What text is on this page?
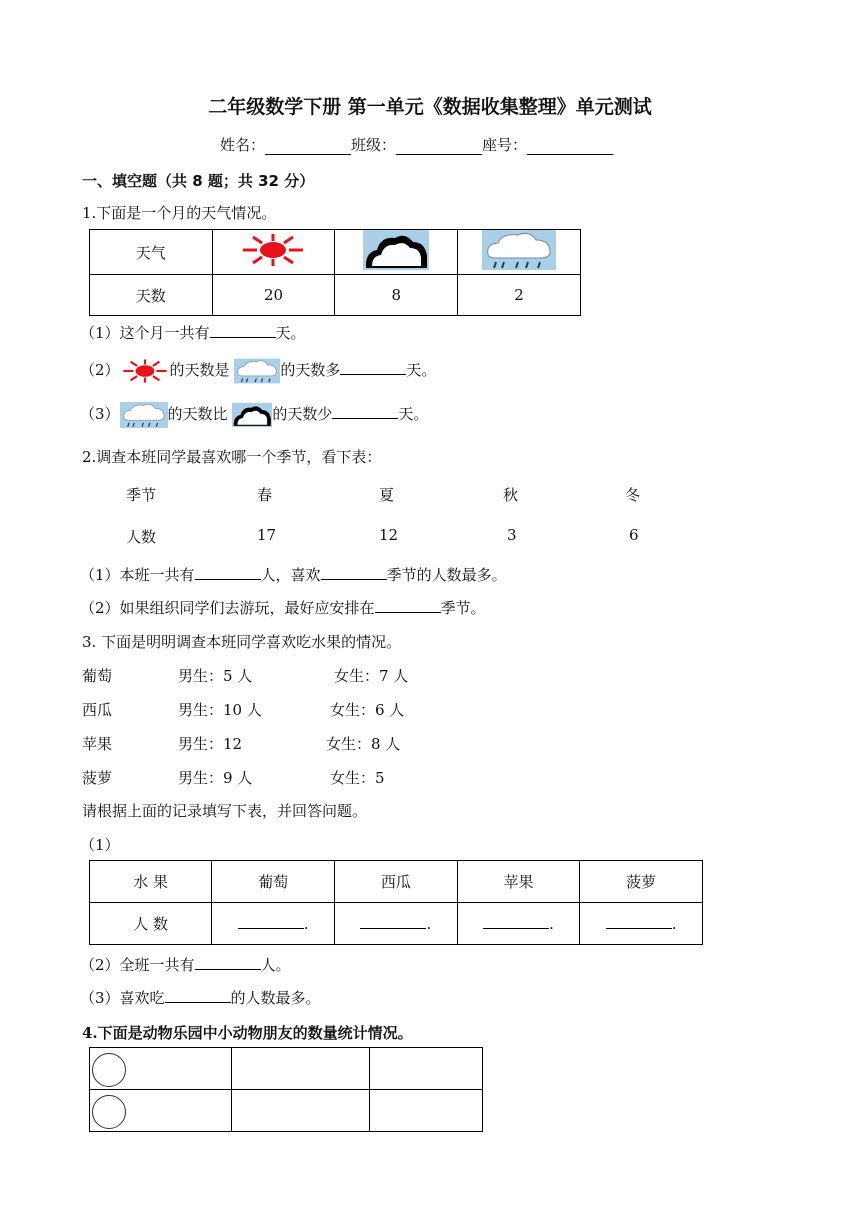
二年级数学下册 第一单元《数据收集整理》单元测试
姓名：	班级：	座号：
一、填空题（共 8 题；共 32 分）
1.下面是一个月的天气情况。
天气			
天数	20	8	2
（1）这个月一共有	天。
（2）	的天数是	的天数多	天。
（3）	的天数比	的天数少	天。
2.调查本班同学最喜欢哪一个季节，看下表：
季节	春	夏	秋	冬
人数	17	12	3	6
（1）本班一共有	人，喜欢	季节的人数最多。
（2）如果组织同学们去游玩，最好应安排在	季节。
3. 下面是明明调查本班同学喜欢吃水果的情况。
葡萄	男生：5 人	女生：7 人
西瓜	男生：10 人	女生：6 人
苹果	男生：12	女生：8 人
菠萝	男生：9 人	女生：5
请根据上面的记录填写下表，并回答问题。
（1）
水 果	葡萄	西瓜	苹果	菠萝
人 数	.	.	.	.
（2）全班一共有	人。
（3）喜欢吃	的人数最多。
4.下面是动物乐园中小动物朋友的数量统计情况。
